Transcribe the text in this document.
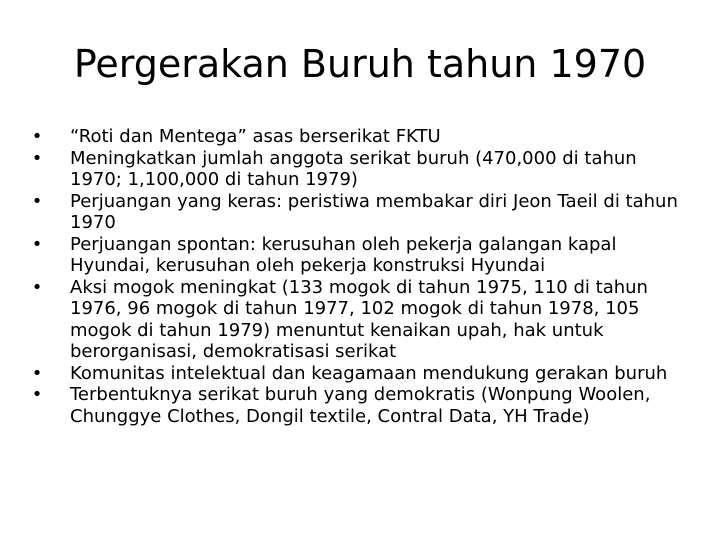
Pergerakan Buruh tahun 1970
• “Roti dan Mentega” asas berserikat FKTU
• Meningkatkan jumlah anggota serikat buruh (470,000 di tahun 1970; 1,100,000 di tahun 1979)
• Perjuangan yang keras: peristiwa membakar diri Jeon Taeil di tahun 1970
• Perjuangan spontan: kerusuhan oleh pekerja galangan kapal Hyundai, kerusuhan oleh pekerja konstruksi Hyundai
• Aksi mogok meningkat (133 mogok di tahun 1975, 110 di tahun 1976, 96 mogok di tahun 1977, 102 mogok di tahun 1978, 105 mogok di tahun 1979) menuntut kenaikan upah, hak untuk berorganisasi, demokratisasi serikat
• Komunitas intelektual dan keagamaan mendukung gerakan buruh
• Terbentuknya serikat buruh yang demokratis (Wonpung Woolen, Chunggye Clothes, Dongil textile, Contral Data, YH Trade)
